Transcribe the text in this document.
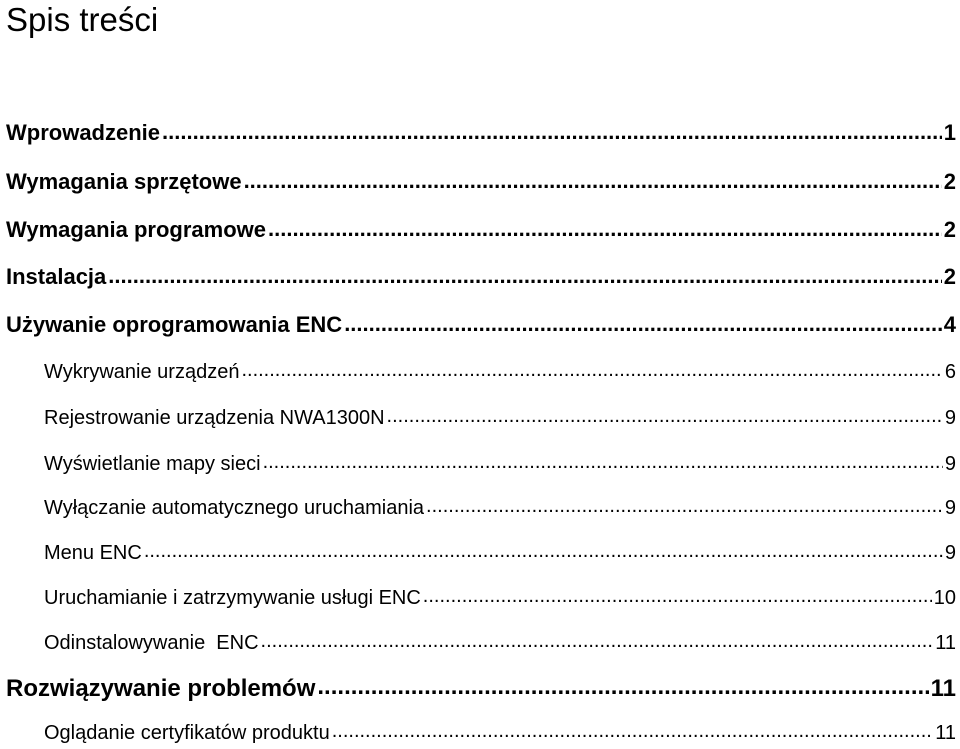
Spis treści
Wprowadzenie .....	1
Wymagania sprzętowe .....	2
Wymagania programowe .....	2
Instalacja .....	2
Używanie oprogramowania ENC .....	4
Wykrywanie urządzeń .....	6
Rejestrowanie urządzenia NWA1300N .....	9
Wyświetlanie mapy sieci .....	9
Wyłączanie automatycznego uruchamiania .....	9
Menu ENC .....	9
Uruchamianie i zatrzymywanie usługi ENC .....	10
Odinstalowywanie  ENC .....	11
Rozwiązywanie problemów .....	11
Oglądanie certyfikatów produktu .....	11
